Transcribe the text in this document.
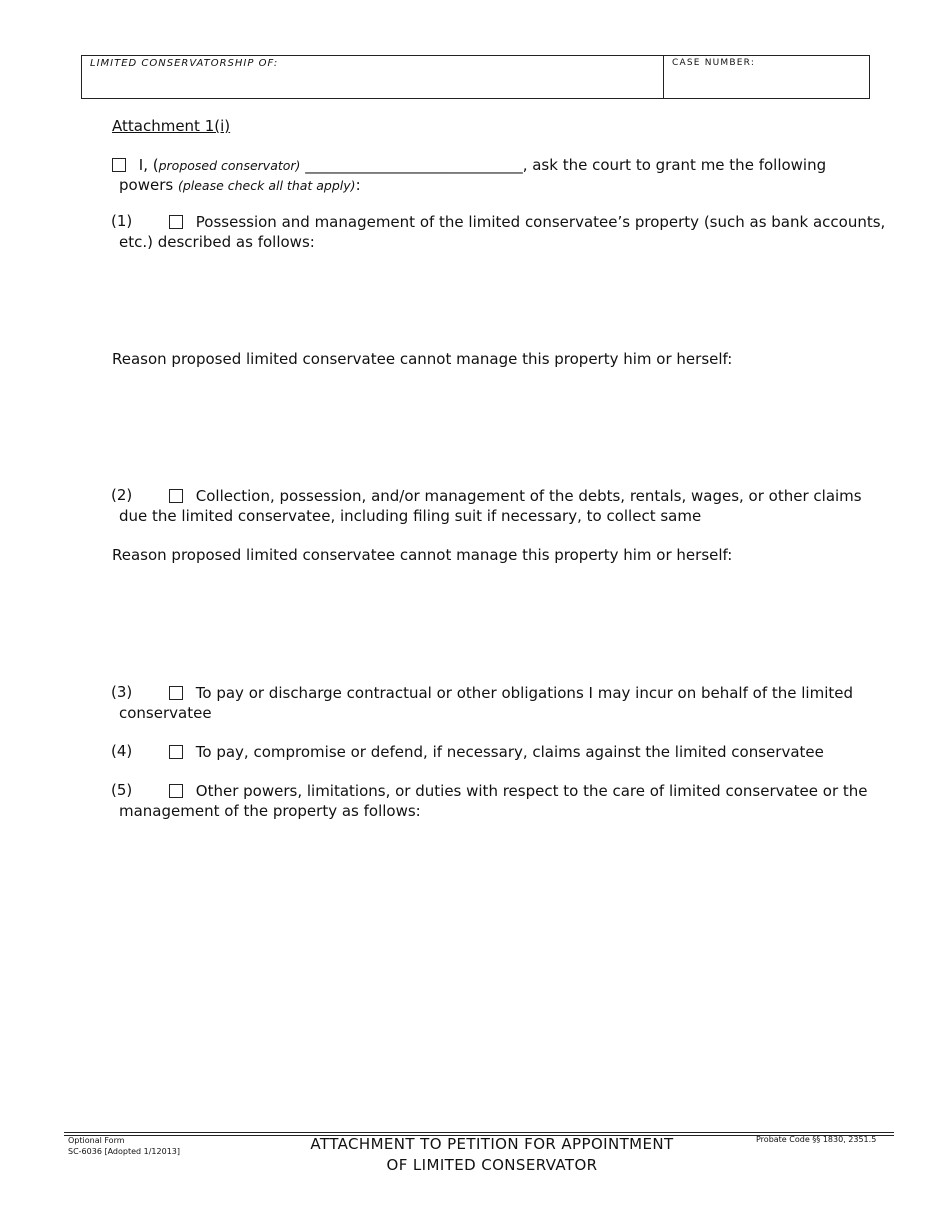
LIMITED CONSERVATORSHIP OF:	CASE NUMBER:
Attachment 1(i)
I, (proposed conservator) _____________________________, ask the court to grant me the following
powers (please check all that apply):
(1)	Possession and management of the limited conservatee’s property (such as bank accounts,
etc.) described as follows:
Reason proposed limited conservatee cannot manage this property him or herself:
(2)	Collection, possession, and/or management of the debts, rentals, wages, or other claims
due the limited conservatee, including filing suit if necessary, to collect same
Reason proposed limited conservatee cannot manage this property him or herself:
(3)	To pay or discharge contractual or other obligations I may incur on behalf of the limited
conservatee
(4)	To pay, compromise or defend, if necessary, claims against the limited conservatee
(5)	Other powers, limitations, or duties with respect to the care of limited conservatee or the
management of the property as follows:
Optional Form
SC-6036 [Adopted 1/12013]	ATTACHMENT TO PETITION FOR APPOINTMENT
OF LIMITED CONSERVATOR
Probate Code §§ 1830, 2351.5
